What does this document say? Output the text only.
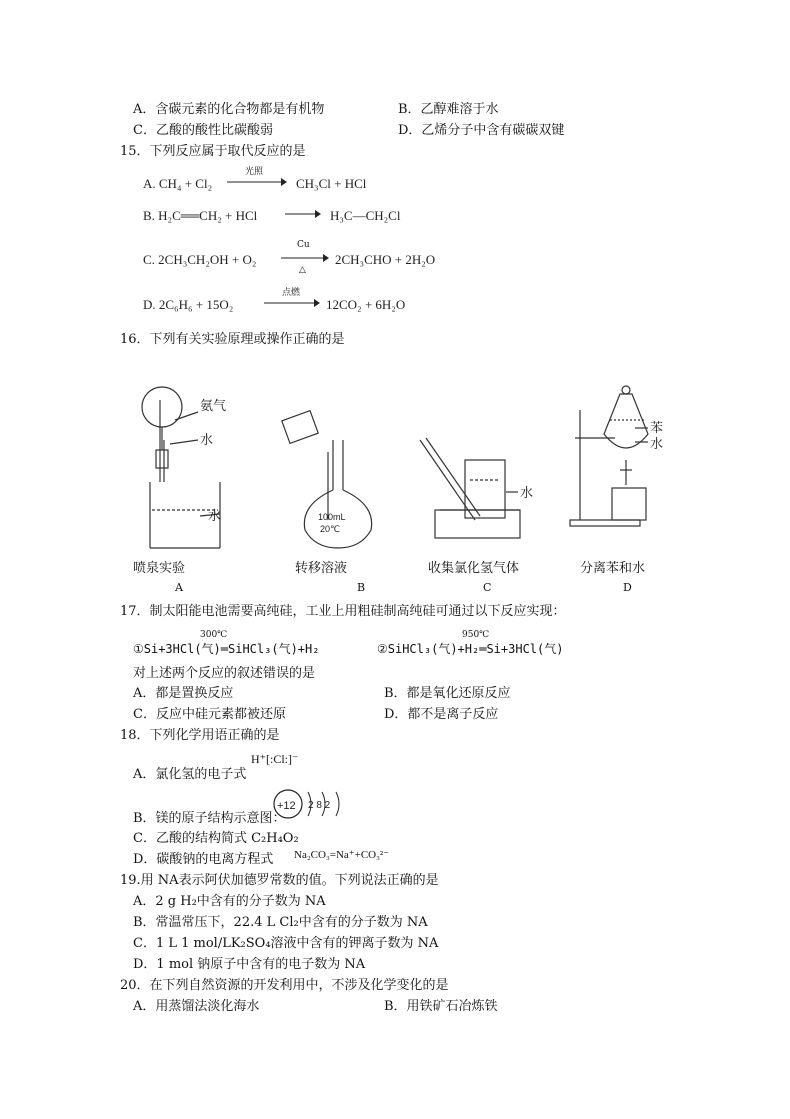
A．含碳元素的化合物都是有机物	B．乙醇难溶于水
C．乙酸的酸性比碳酸弱	D．乙烯分子中含有碳碳双键
15．下列反应属于取代反应的是
A. CH₄ + Cl₂
光照
CH₃Cl + HCl
B. H₂C══CH₂ + HCl	H₃C—CH₂Cl
C. 2CH₃CH₂OH + O₂
Cu
△
2CH₃CHO + 2H₂O
D. 2C₆H₆ + 15O₂
点燃
12CO₂ + 6H₂O
16．下列有关实验原理或操作正确的是
氨气
水
水	100mL
20℃
水
苯
水
喷泉实验	转移溶液	收集氯化氢气体	分离苯和水
A	B	C	D
17．制太阳能电池需要高纯硅，工业上用粗硅制高纯硅可通过以下反应实现：
①Si+3HCl(气)═SiHCl₃(气)+H₂
300℃
②SiHCl₃(气)+H₂═Si+3HCl(气)
950℃
对上述两个反应的叙述错误的是
A．都是置换反应	B．都是氧化还原反应
C．反应中硅元素都被还原	D．都不是离子反应
18．下列化学用语正确的是
A．氯化氢的电子式
H⁺[:Cl:]⁻
B．镁的原子结构示意图：
+12 2 8 2
C．乙酸的结构简式 C₂H₄O₂
D．碳酸钠的电离方程式 Na₂CO₃=Na⁺+CO₃²⁻
19.用 NA表示阿伏加德罗常数的值。下列说法正确的是
A．2 g H₂中含有的分子数为 NA
B．常温常压下，22.4 L Cl₂中含有的分子数为 NA
C．1 L 1 mol/LK₂SO₄溶液中含有的钾离子数为 NA
D．1 mol 钠原子中含有的电子数为 NA
20．在下列自然资源的开发利用中，不涉及化学变化的是
A．用蒸馏法淡化海水	B．用铁矿石冶炼铁
